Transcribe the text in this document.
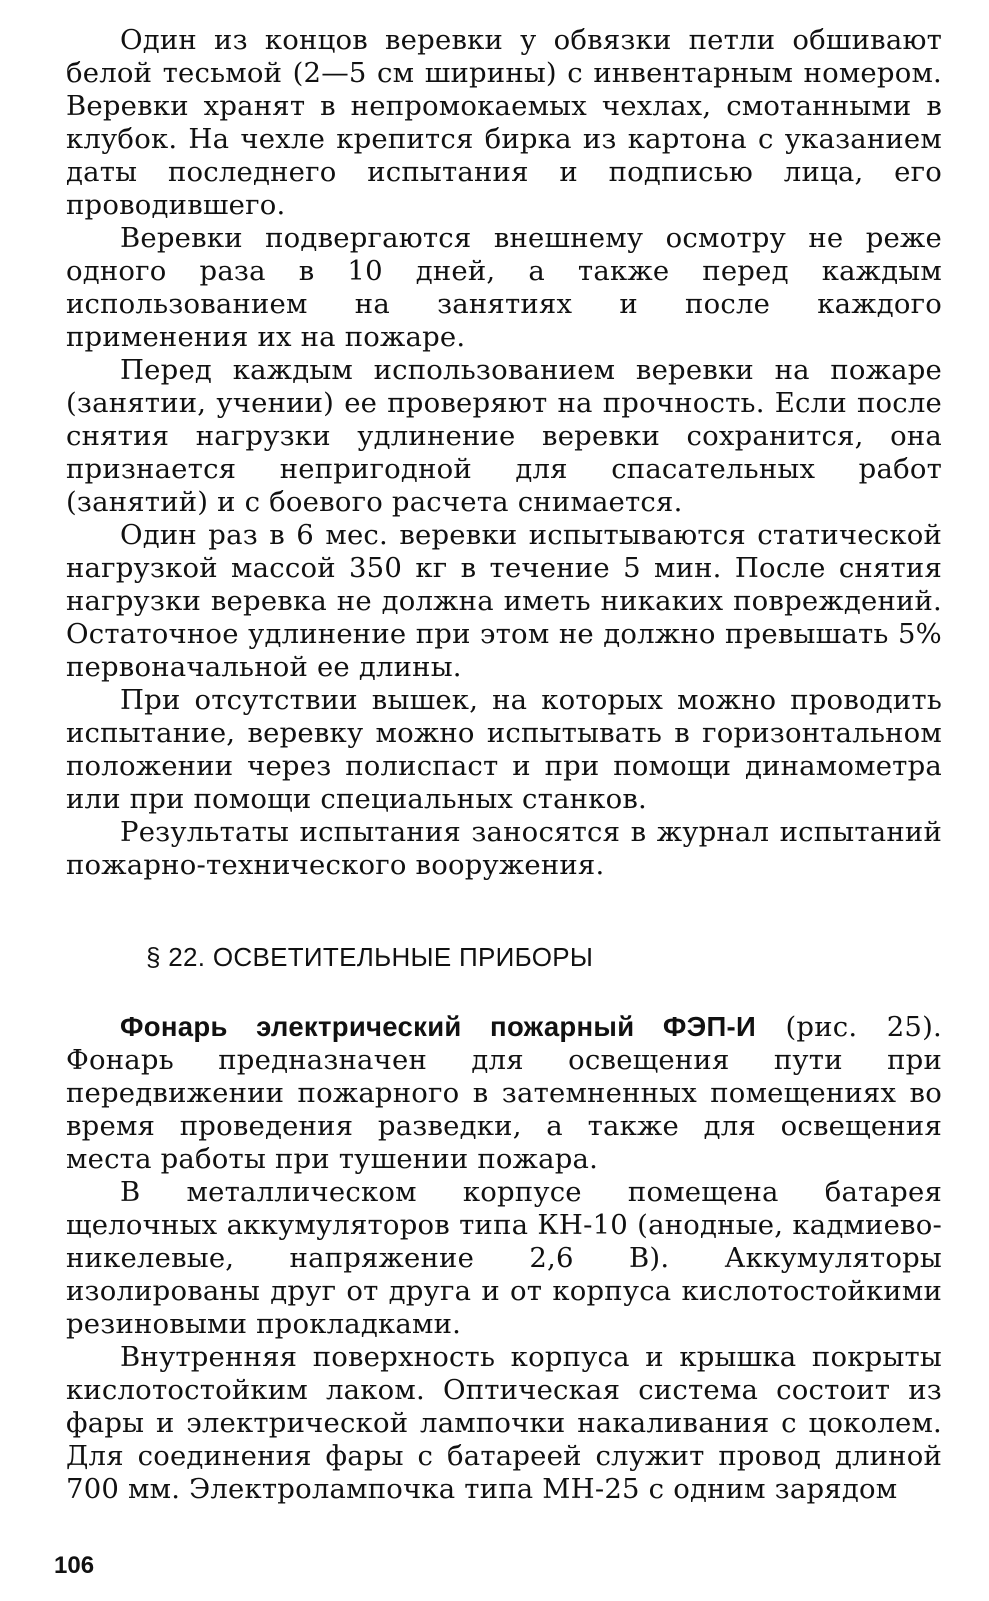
Один из концов веревки у обвязки петли обшивают белой тесьмой (2—5 см ширины) с инвентарным номером. Веревки хранят в непромокаемых чехлах, смотанными в клубок. На чехле крепится бирка из картона с указанием даты последнего испытания и подписью лица, его проводившего.

Веревки подвергаются внешнему осмотру не реже одного раза в 10 дней, а также перед каждым использованием на занятиях и после каждого применения их на пожаре.

Перед каждым использованием веревки на пожаре (занятии, учении) ее проверяют на прочность. Если после снятия нагрузки удлинение веревки сохранится, она признается непригодной для спасательных работ (занятий) и с боевого расчета снимается.

Один раз в 6 мес. веревки испытываются статической нагрузкой массой 350 кг в течение 5 мин. После снятия нагрузки веревка не должна иметь никаких повреждений. Остаточное удлинение при этом не должно превышать 5% первоначальной ее длины.

При отсутствии вышек, на которых можно проводить испытание, веревку можно испытывать в горизонтальном положении через полиспаст и при помощи динамометра или при помощи специальных станков.

Результаты испытания заносятся в журнал испытаний пожарно-технического вооружения.

§ 22. ОСВЕТИТЕЛЬНЫЕ ПРИБОРЫ

Фонарь электрический пожарный ФЭП-И (рис. 25). Фонарь предназначен для освещения пути при передвижении пожарного в затемненных помещениях во время проведения разведки, а также для освещения места работы при тушении пожара.

В металлическом корпусе помещена батарея щелочных аккумуляторов типа КН-10 (анодные, кадмиево-никелевые, напряжение 2,6 В). Аккумуляторы изолированы друг от друга и от корпуса кислотостойкими резиновыми прокладками.

Внутренняя поверхность корпуса и крышка покрыты кислотостойким лаком. Оптическая система состоит из фары и электрической лампочки накаливания с цоколем. Для соединения фары с батареей служит провод длиной 700 мм. Электролампочка типа МН-25 с одним зарядом

106
